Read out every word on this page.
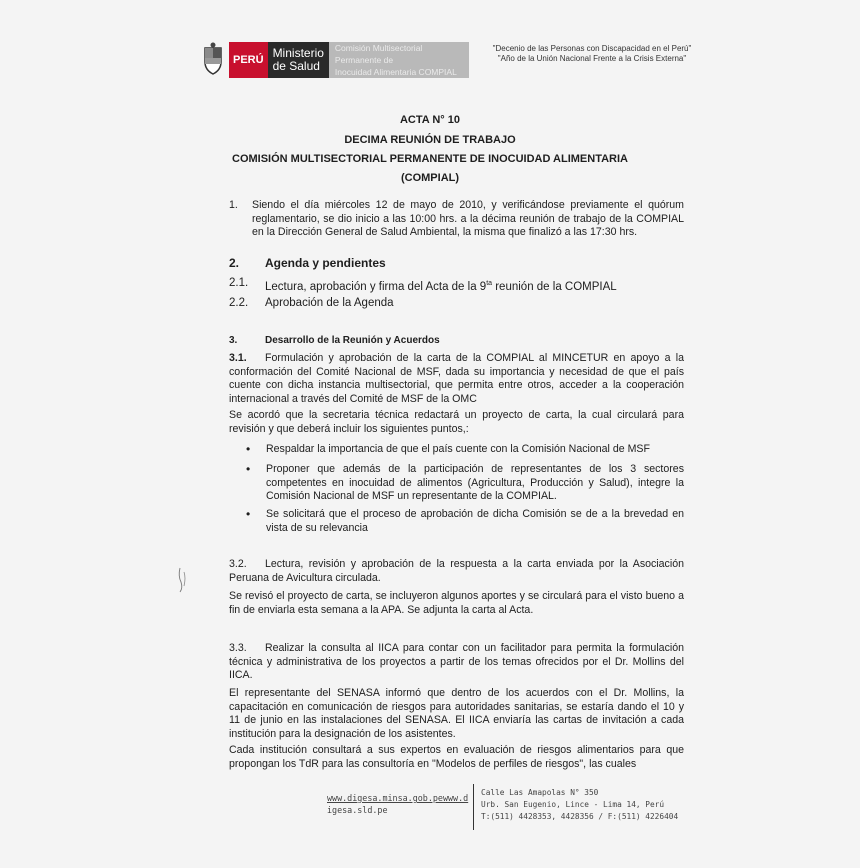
PERÚ Ministerio
de Salud
Comisión Multisectorial Permanente de
Inocuidad Alimentaria COMPIAL
"Decenio de las Personas con Discapacidad en el Perú"
"Año de la Unión Nacional Frente a la Crisis Externa"
ACTA N° 10
DECIMA REUNIÓN DE TRABAJO
COMISIÓN MULTISECTORIAL PERMANENTE DE INOCUIDAD ALIMENTARIA
(COMPIAL)
1. Siendo el día miércoles 12 de mayo de 2010, y verificándose previamente el quórum reglamentario, se dio inicio a las 10:00 hrs. a la décima reunión de trabajo de la COMPIAL en la Dirección General de Salud Ambiental, la misma que finalizó a las 17:30 hrs.
2. Agenda y pendientes
2.1. Lectura, aprobación y firma del Acta de la $9^{ta}$ reunión de la COMPIAL
2.2. Aprobación de la Agenda
3.	Desarrollo de la Reunión y Acuerdos
3.1. Formulación y aprobación de la carta de la COMPIAL al MINCETUR en apoyo a la conformación del Comité Nacional de MSF, dada su importancia y necesidad de que el país cuente con dicha instancia multisectorial, que permita entre otros, acceder a la cooperación internacional a través del Comité de MSF de la OMC
Se acordó que la secretaria técnica redactará un proyecto de carta, la cual circulará para revisión y que deberá incluir los siguientes puntos,:
• Respaldar la importancia de que el país cuente con la Comisión Nacional de MSF
• Proponer que además de la participación de representantes de los 3 sectores competentes en inocuidad de alimentos (Agricultura, Producción y Salud), integre la Comisión Nacional de MSF un representante de la COMPIAL.
• Se solicitará que el proceso de aprobación de dicha Comisión se de a la brevedad en vista de su relevancia
3.2. Lectura, revisión y aprobación de la respuesta a la carta enviada por la Asociación Peruana de Avicultura circulada.
Se revisó el proyecto de carta, se incluyeron algunos aportes y se circulará para el visto bueno a fin de enviarla esta semana a la APA. Se adjunta la carta al Acta.
3.3. Realizar la consulta al IICA para contar con un facilitador para permita la formulación técnica y administrativa de los proyectos a partir de los temas ofrecidos por el Dr. Mollins del IICA.
El representante del SENASA informó que dentro de los acuerdos con el Dr. Mollins, la capacitación en comunicación de riesgos para autoridades sanitarias, se estaría dando el 10 y 11 de junio en las instalaciones del SENASA. El IICA enviaría las cartas de invitación a cada institución para la designación de los asistentes.
Cada institución consultará a sus expertos en evaluación de riesgos alimentarios para que propongan los TdR para las consultoría en "Modelos de perfiles de riesgos", las cuales
www.digesa.minsa.gob.pewww.d
igesa.sld.pe
Calle Las Amapolas N° 350
Urb. San Eugenio, Lince - Lima 14, Perú
T:(511) 4428353, 4428356 / F:(511) 4226404
